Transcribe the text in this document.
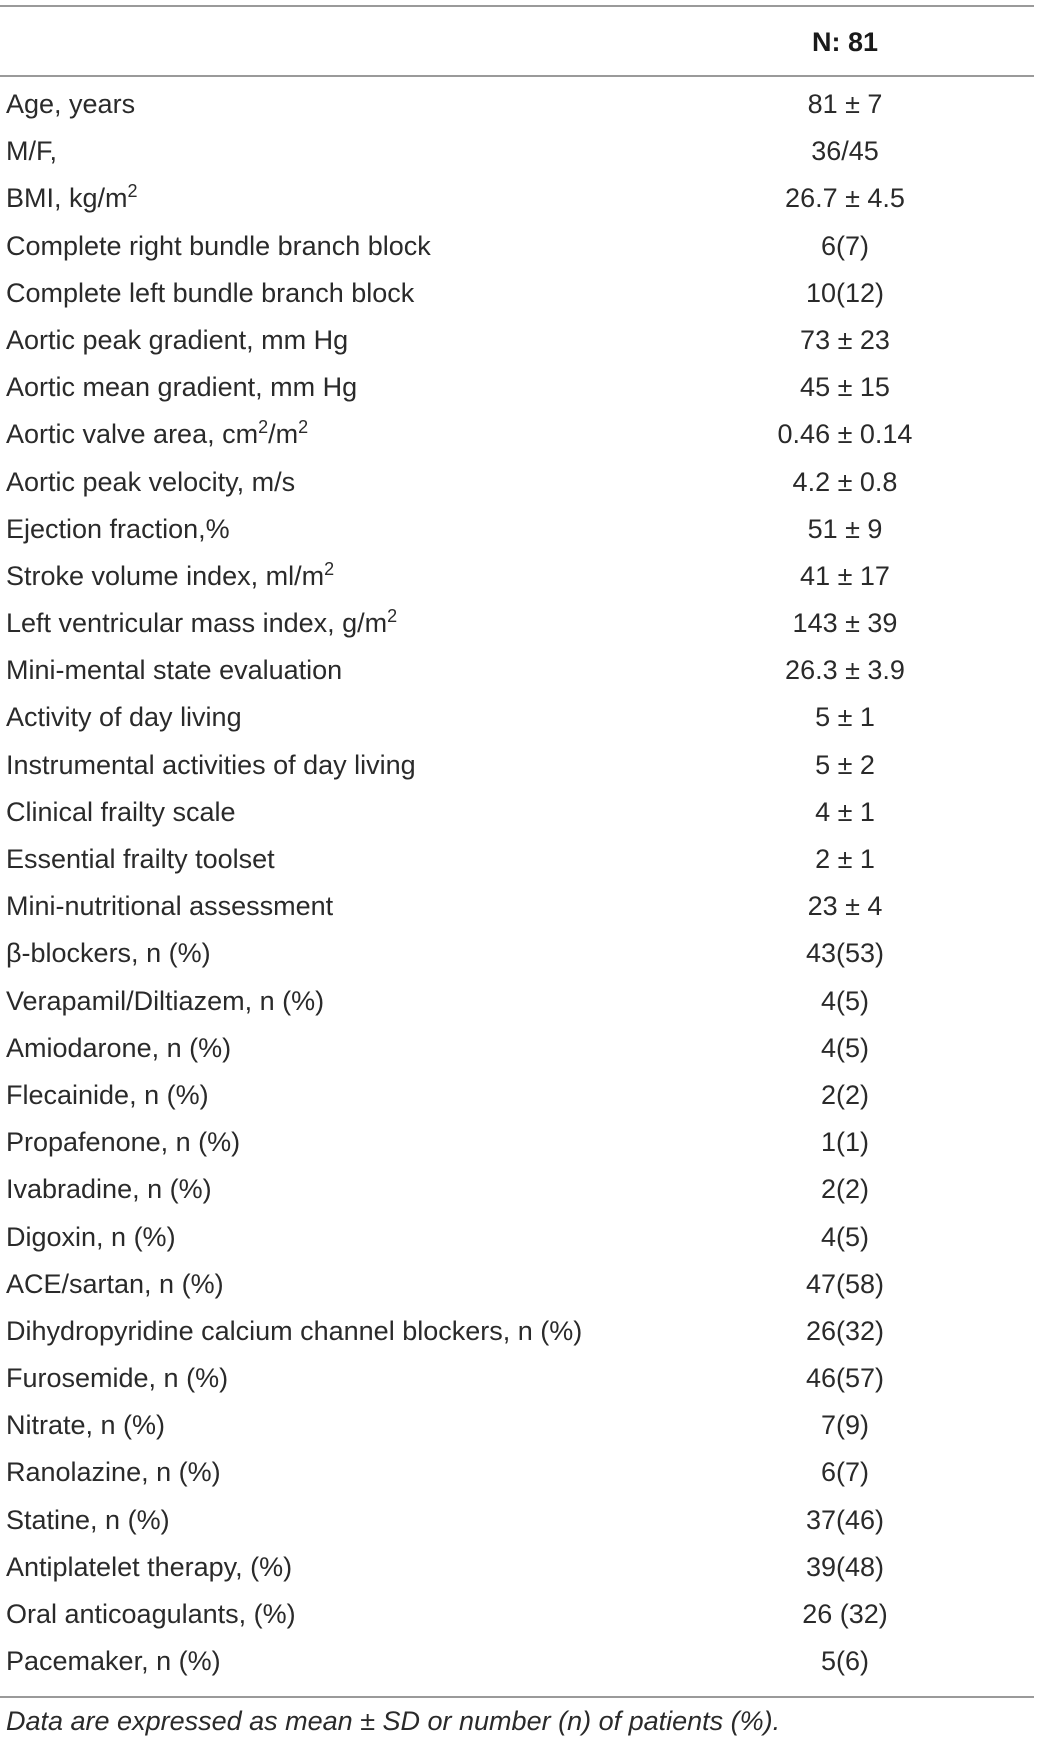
N: 81
Age, years	81 ± 7
M/F,	36/45
BMI, $kg/m^2$	26.7 ± 4.5
Complete right bundle branch block	6(7)
Complete left bundle branch block	10(12)
Aortic peak gradient, mm Hg	73 ± 23
Aortic mean gradient, mm Hg	45 ± 15
Aortic valve area, $cm^2/m^2$	0.46 ± 0.14
Aortic peak velocity, m/s	4.2 ± 0.8
Ejection fraction,%	51 ± 9
Stroke volume index, $ml/m^2$	41 ± 17
Left ventricular mass index, $g/m^2$	143 ± 39
Mini-mental state evaluation	26.3 ± 3.9
Activity of day living	5 ± 1
Instrumental activities of day living	5 ± 2
Clinical frailty scale	4 ± 1
Essential frailty toolset	2 ± 1
Mini-nutritional assessment	23 ± 4
β-blockers, n (%)	43(53)
Verapamil/Diltiazem, n (%)	4(5)
Amiodarone, n (%)	4(5)
Flecainide, n (%)	2(2)
Propafenone, n (%)	1(1)
Ivabradine, n (%)	2(2)
Digoxin, n (%)	4(5)
ACE/sartan, n (%)	47(58)
Dihydropyridine calcium channel blockers, n (%)	26(32)
Furosemide, n (%)	46(57)
Nitrate, n (%)	7(9)
Ranolazine, n (%)	6(7)
Statine, n (%)	37(46)
Antiplatelet therapy, (%)	39(48)
Oral anticoagulants, (%)	26 (32)
Pacemaker, n (%)	5(6)
Data are expressed as mean ± SD or number (n) of patients (%).
